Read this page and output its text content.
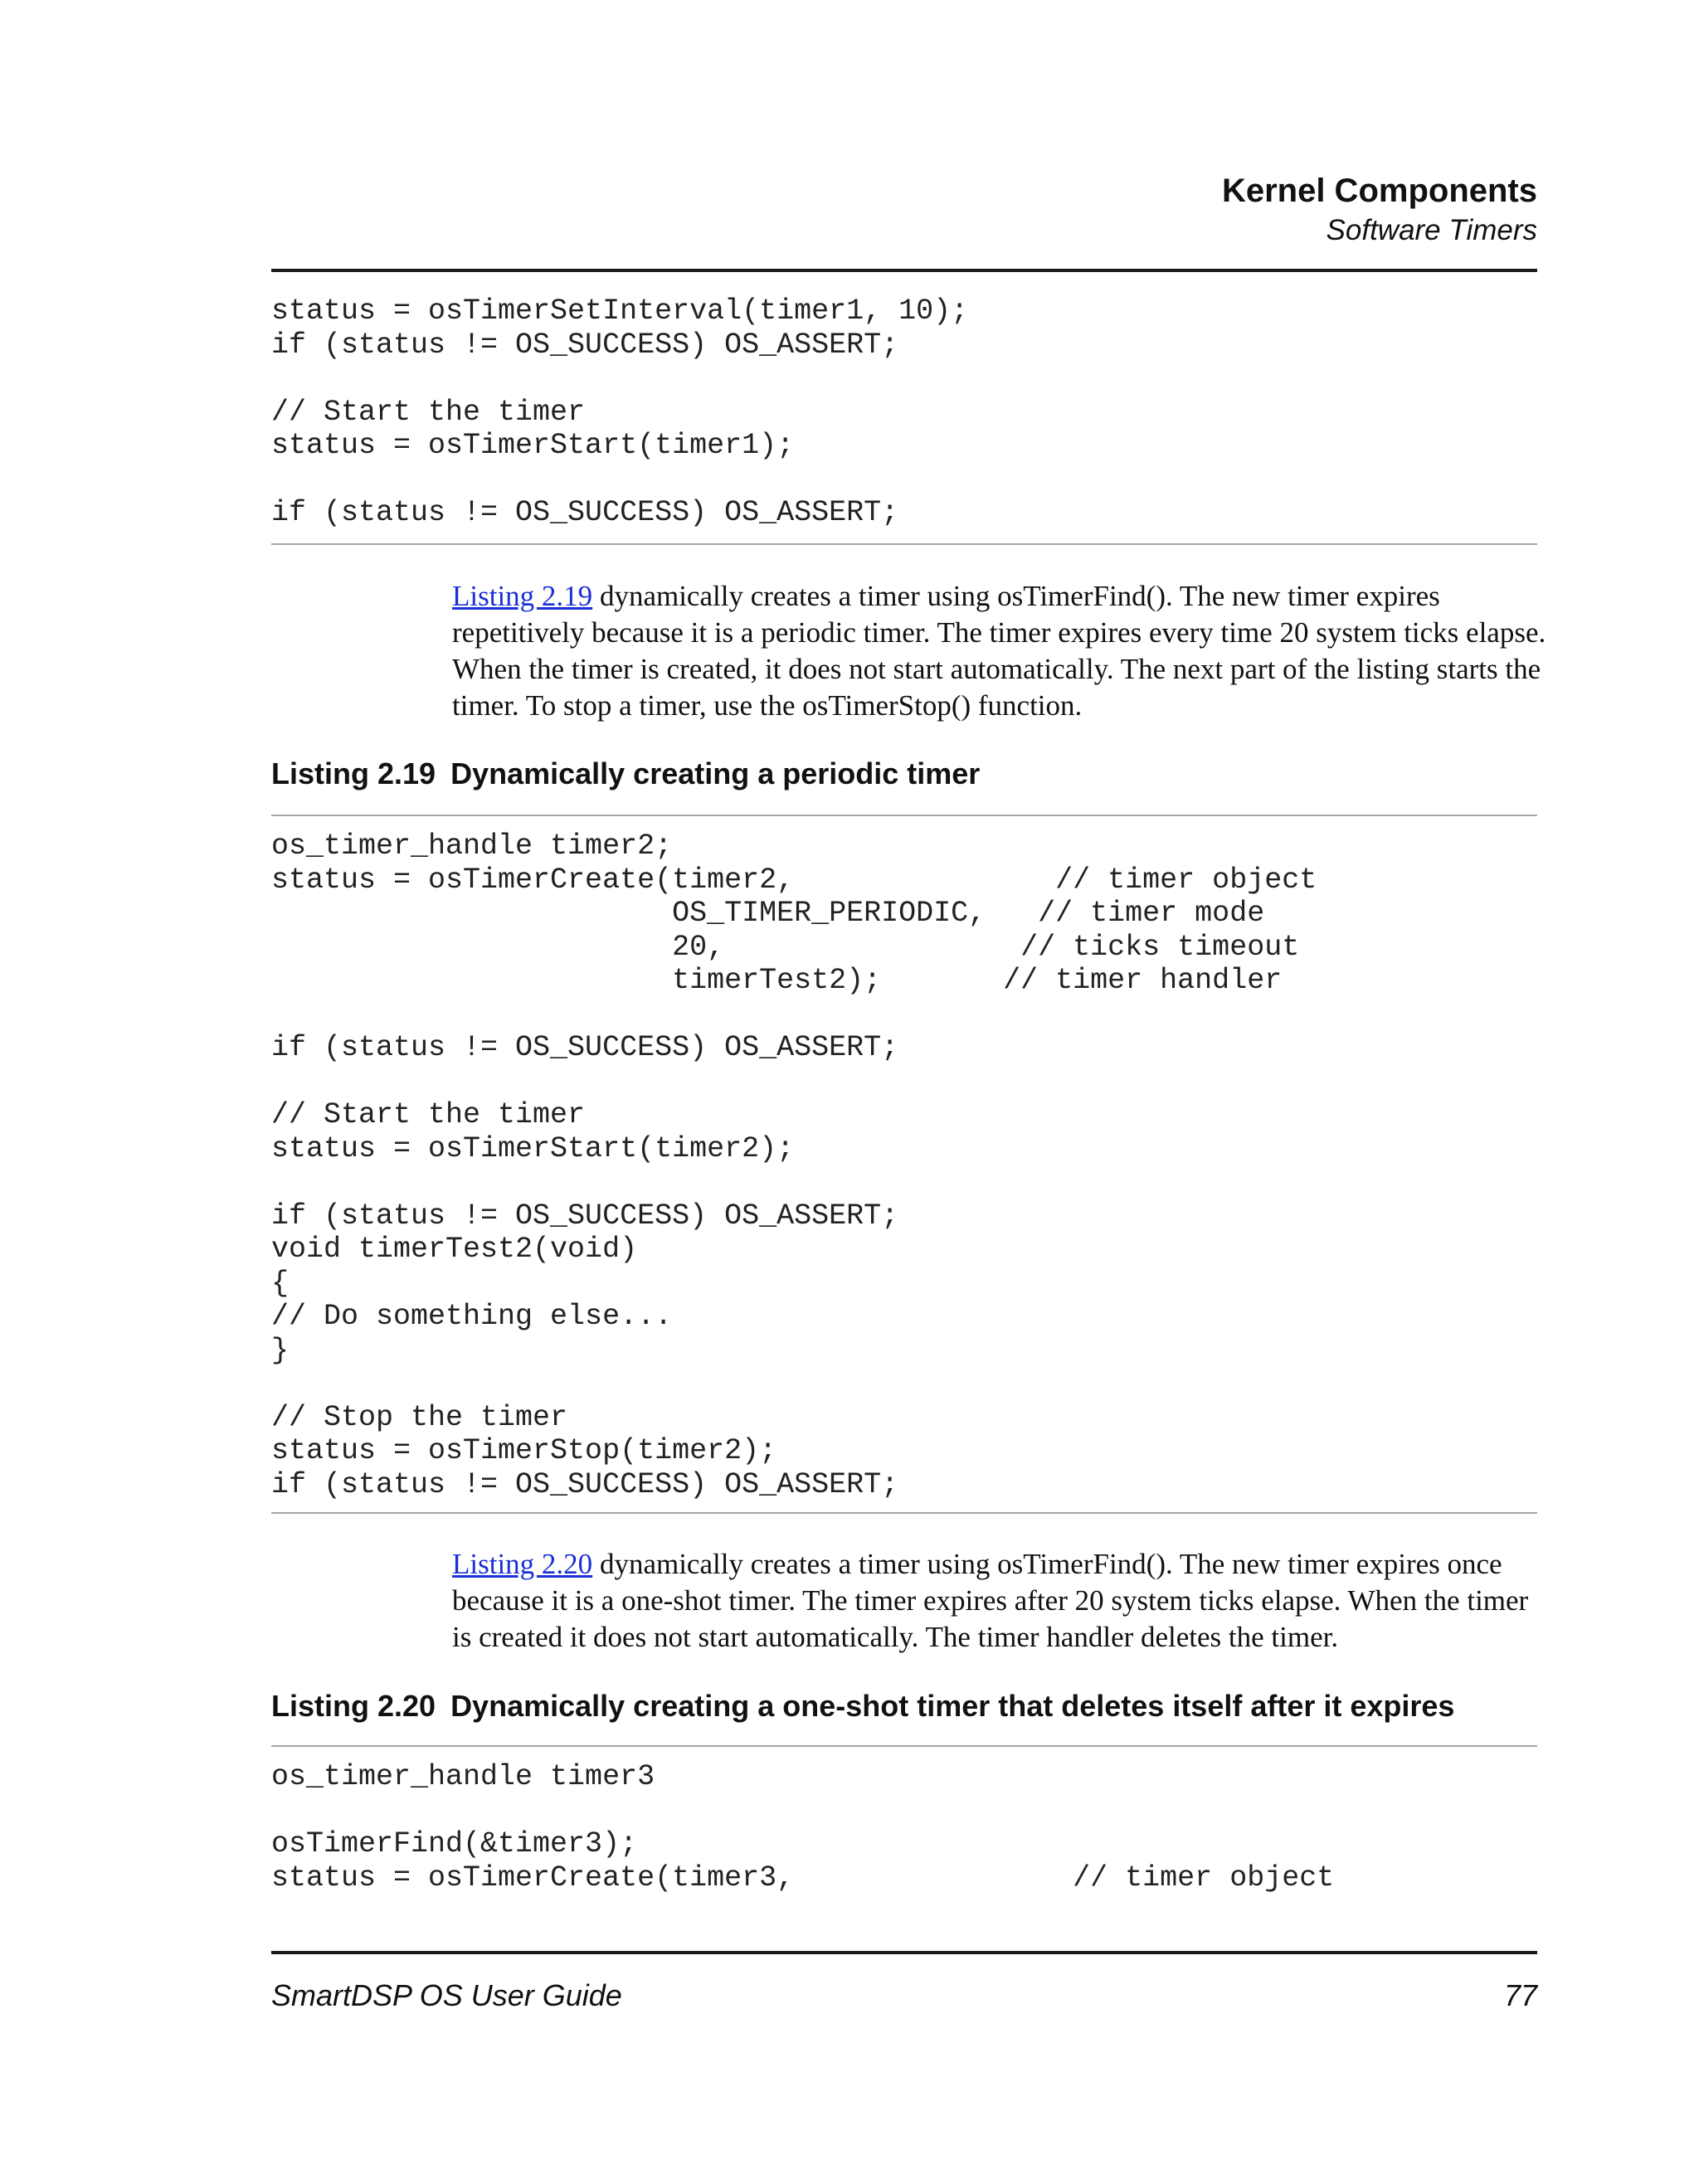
Kernel Components
Software Timers
status = osTimerSetInterval(timer1, 10);
if (status != OS_SUCCESS) OS_ASSERT;

// Start the timer
status = osTimerStart(timer1);

if (status != OS_SUCCESS) OS_ASSERT;

Listing 2.19 dynamically creates a timer using osTimerFind(). The new timer expires repetitively because it is a periodic timer. The timer expires every time 20 system ticks elapse. When the timer is created, it does not start automatically. The next part of the listing starts the timer. To stop a timer, use the osTimerStop() function.

Listing 2.19 Dynamically creating a periodic timer
os_timer_handle timer2;
status = osTimerCreate(timer2,               // timer object
OS_TIMER_PERIODIC,   // timer mode
20,                 // ticks timeout
timerTest2);       // timer handler

if (status != OS_SUCCESS) OS_ASSERT;

// Start the timer
status = osTimerStart(timer2);

if (status != OS_SUCCESS) OS_ASSERT;
void timerTest2(void)
{
// Do something else...
}

// Stop the timer
status = osTimerStop(timer2);
if (status != OS_SUCCESS) OS_ASSERT;

Listing 2.20 dynamically creates a timer using osTimerFind(). The new timer expires once because it is a one-shot timer. The timer expires after 20 system ticks elapse. When the timer is created it does not start automatically. The timer handler deletes the timer.

Listing 2.20 Dynamically creating a one-shot timer that deletes itself after it expires
os_timer_handle timer3

osTimerFind(&timer3);
status = osTimerCreate(timer3,                // timer object
SmartDSP OS User Guide	77
